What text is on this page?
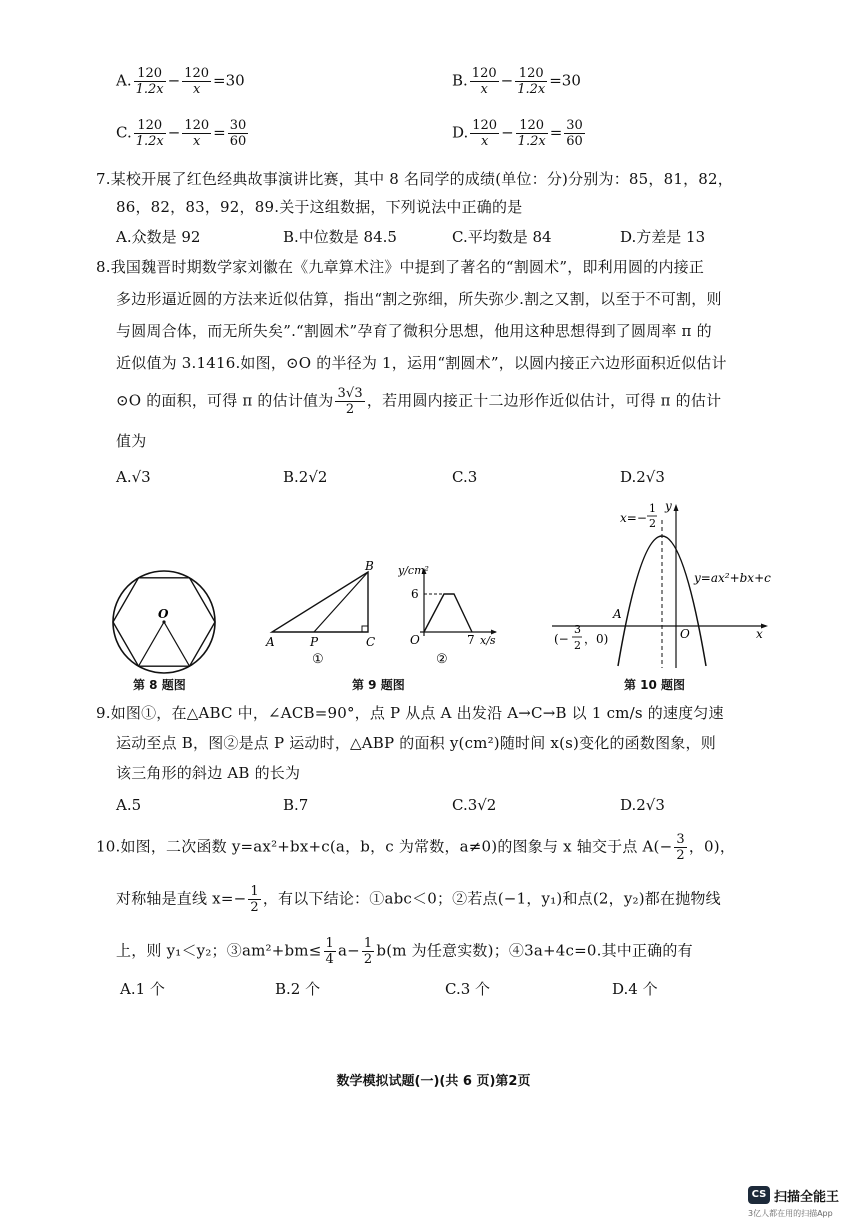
A. $\frac{120}{1.2x} - \frac{120}{x} =30$	B. $\frac{120}{x} - \frac{120}{1.2x} =30$
C. $\frac{120}{1.2x} - \frac{120}{x} = \frac{30}{60}$	D. $\frac{120}{x} - \frac{120}{1.2x} = \frac{30}{60}$
7.某校开展了红色经典故事演讲比赛，其中 8 名同学的成绩(单位：分)分别为：85，81，82，
86，82，83，92，89.关于这组数据，下列说法中正确的是
A.众数是 92	B.中位数是 84.5	C.平均数是 84	D.方差是 13
8.我国魏晋时期数学家刘徽在《九章算术注》中提到了著名的“割圆术”，即利用圆的内接正
多边形逼近圆的方法来近似估算，指出“割之弥细，所失弥少.割之又割，以至于不可割，则
与圆周合体，而无所失矣”.“割圆术”孕育了微积分思想，他用这种思想得到了圆周率 π 的
近似值为 3.1416.如图，⊙O 的半径为 1，运用“割圆术”，以圆内接正六边形面积近似估计
⊙O 的面积，可得 π 的估计值为 $\frac{3√3}{2}$ ，若用圆内接正十二边形作近似估计，可得 π 的估计
值为
A.√3	B.2√2	C.3	D.2√3
O
第 8 题图
B
A	P	C
①
y/cm²
6
O	7 x/s
②
第 9 题图
x=−
1
2
y
y=ax²+bx+c
A
O	x
(−
3
2 ，0)
第 10 题图
9.如图①，在△ABC 中，∠ACB=90°，点 P 从点 A 出发沿 A→C→B 以 1 cm/s 的速度匀速
运动至点 B，图②是点 P 运动时，△ABP 的面积 y(cm²)随时间 x(s)变化的函数图象，则
该三角形的斜边 AB 的长为
A.5	B.7	C.3√2	D.2√3
10.如图，二次函数 y=ax²+bx+c(a，b，c 为常数，a≠0)的图象与 x 轴交于点 $A(- \frac{3}{2}$ ，0)，
对称轴是直线 $x=- \frac{1}{2}$ ，有以下结论：①abc＜0；②若点(−1，y₁)和点(2，y₂)都在抛物线
上，则 y₁＜y₂；③am²+bm≤ $\frac{1}{4} a- \frac{1}{2} b(m$ 为任意实数)；④3a+4c=0.其中正确的有
A.1 个	B.2 个	C.3 个	D.4 个
数学模拟试题(一)(共 6 页)第2页
CS 扫描全能王
3亿人都在用的扫描App
